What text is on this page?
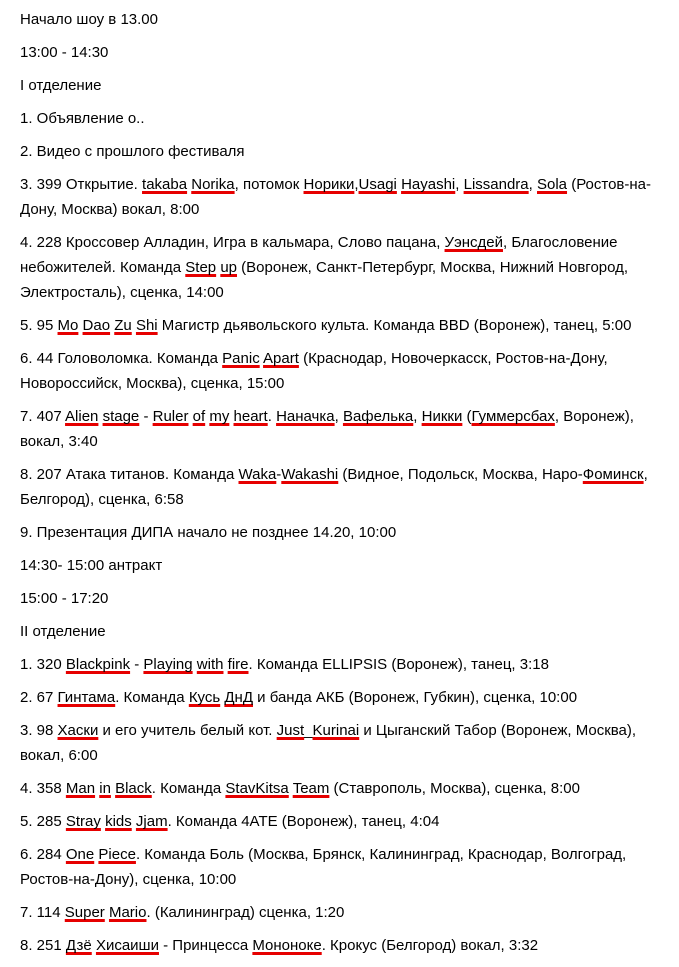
Начало шоу в 13.00

13:00 - 14:30

I отделение

1. Объявление о..

2. Видео с прошлого фестиваля

3. 399 Открытие. takaba Norika, потомок Норики,Usagi Hayashi, Lissandra, Sola (Ростов-на-Дону, Москва) вокал, 8:00

4. 228 Кроссовер Алладин, Игра в кальмара, Слово пацана, Уэнсдей, Благословение небожителей. Команда Step up (Воронеж, Санкт-Петербург, Москва, Нижний Новгород, Электросталь), сценка, 14:00

5. 95 Mo Dao Zu Shi Магистр дьявольского культа. Команда BBD (Воронеж), танец, 5:00

6. 44 Головоломка. Команда Panic Apart (Краснодар, Новочеркасск, Ростов-на-Дону, Новороссийск, Москва), сценка, 15:00

7. 407 Alien stage - Ruler of my heart. Наначка, Вафелька, Никки (Гуммерсбах, Воронеж), вокал, 3:40

8. 207 Атака титанов. Команда Waka-Wakashi (Видное, Подольск, Москва, Наро-Фоминск, Белгород), сценка, 6:58

9. Презентация ДИПА начало не позднее 14.20, 10:00

14:30- 15:00 антракт

15:00 - 17:20

II отделение

1. 320 Blackpink - Playing with fire. Команда ELLIPSIS (Воронеж), танец, 3:18

2. 67 Гинтама. Команда Кусь ДнД и банда АКБ (Воронеж, Губкин), сценка, 10:00

3. 98 Хаски и его учитель белый кот. Just_Kurinai и Цыганский Табор (Воронеж, Москва), вокал, 6:00

4. 358 Man in Black. Команда StavKitsa Team (Ставрополь, Москва), сценка, 8:00

5. 285 Stray kids Jjam. Команда 4ATE (Воронеж), танец, 4:04

6. 284 One Piece. Команда Боль (Москва, Брянск, Калининград, Краснодар, Волгоград, Ростов-на-Дону), сценка, 10:00

7. 114 Super Mario. (Калининград) сценка, 1:20

8. 251 Дзё Хисаиши - Принцесса Мононоке. Крокус (Белгород) вокал, 3:32
